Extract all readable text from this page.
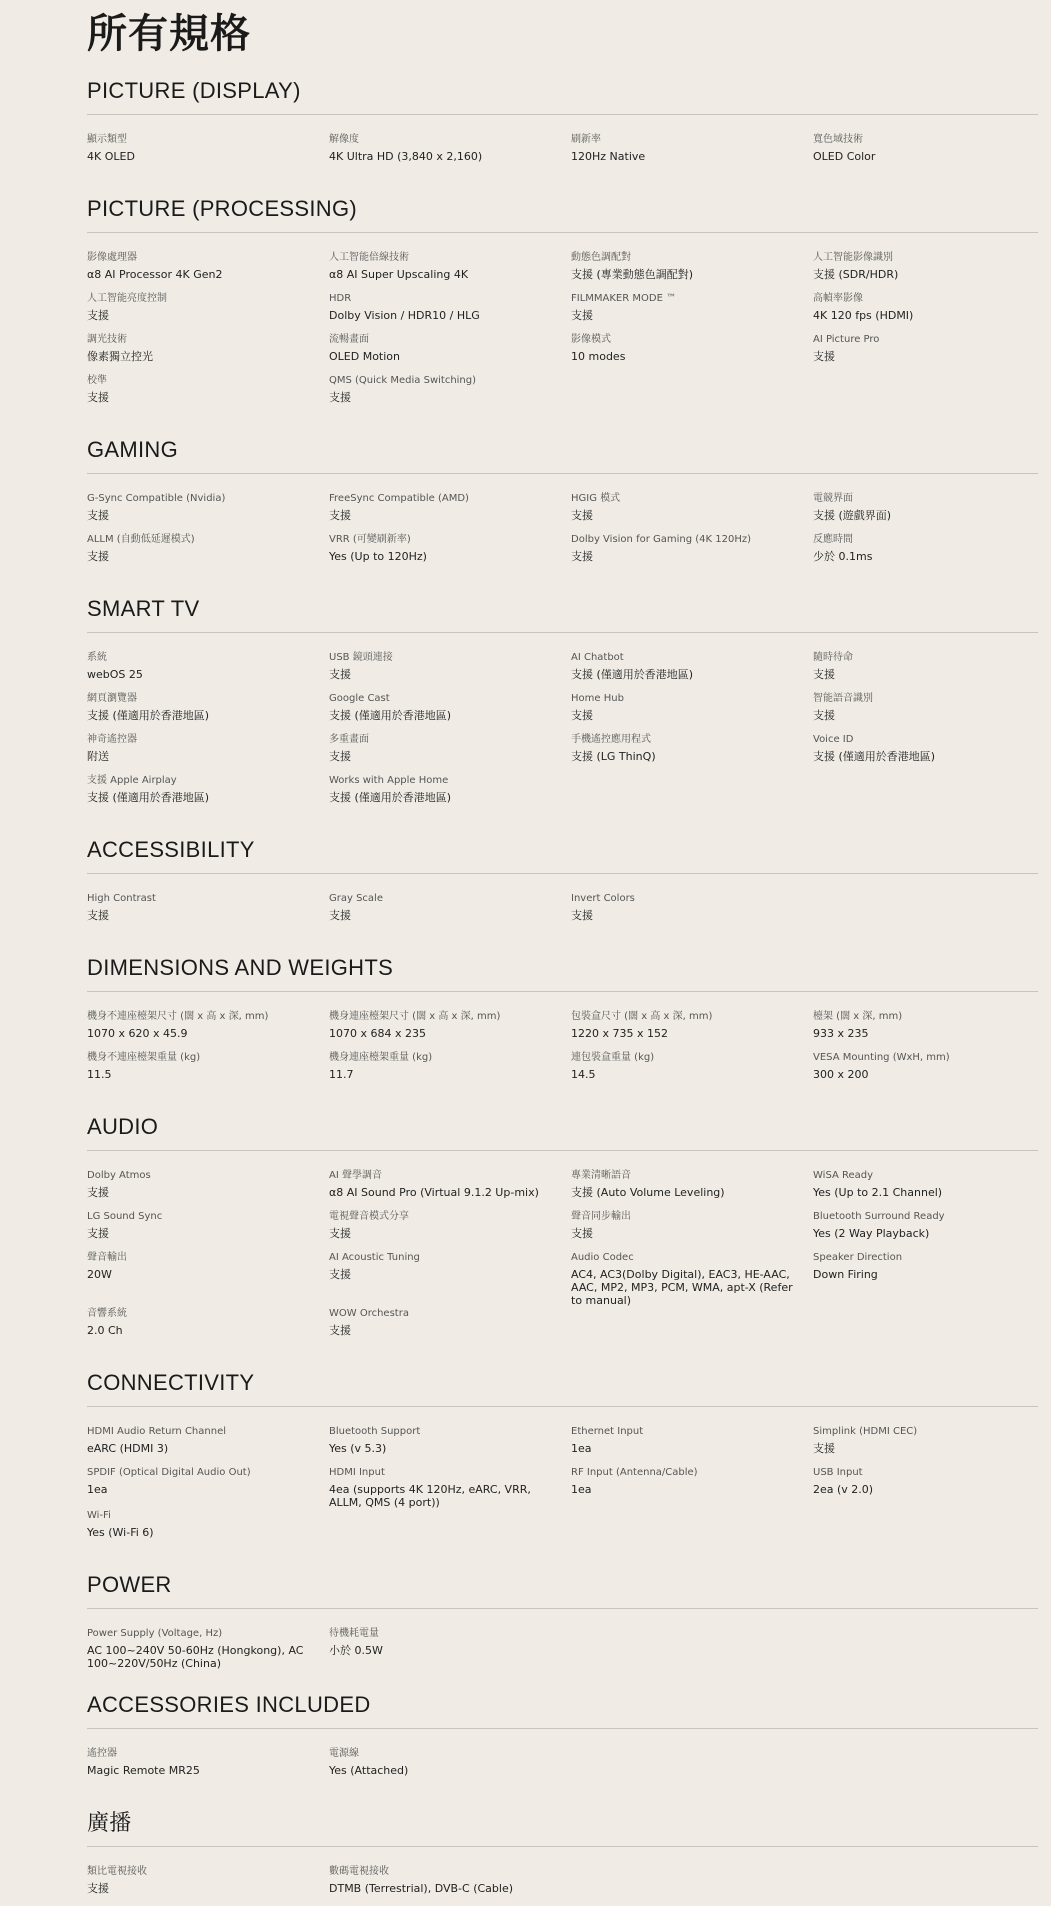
所有規格
PICTURE (DISPLAY)
顯示類型
4K OLED
解像度
4K Ultra HD (3,840 x 2,160)
刷新率
120Hz Native
寬色域技術
OLED Color
PICTURE (PROCESSING)
影像處理器
α8 AI Processor 4K Gen2
人工智能倍線技術
α8 AI Super Upscaling 4K
動態色調配對
支援 (專業動態色調配對)
人工智能影像識別
支援 (SDR/HDR)
人工智能亮度控制
支援
HDR
Dolby Vision / HDR10 / HLG
FILMMAKER MODE ™
支援
高幀率影像
4K 120 fps (HDMI)
調光技術
像素獨立控光
流暢畫面
OLED Motion
影像模式
10 modes
AI Picture Pro
支援
校準
支援
QMS (Quick Media Switching)
支援
GAMING
G-Sync Compatible (Nvidia)
支援
FreeSync Compatible (AMD)
支援
HGIG 模式
支援
電競界面
支援 (遊戲界面)
ALLM (自動低延遲模式)
支援
VRR (可變刷新率)
Yes (Up to 120Hz)
Dolby Vision for Gaming (4K 120Hz)
支援
反應時間
少於 0.1ms
SMART TV
系統
webOS 25
USB 鏡頭連接
支援
AI Chatbot
支援 (僅適用於香港地區)
隨時待命
支援
網頁瀏覽器
支援 (僅適用於香港地區)
Google Cast
支援 (僅適用於香港地區)
Home Hub
支援
智能語音識別
支援
神奇遙控器
附送
多重畫面
支援
手機遙控應用程式
支援 (LG ThinQ)
Voice ID
支援 (僅適用於香港地區)
支援 Apple Airplay
支援 (僅適用於香港地區)
Works with Apple Home
支援 (僅適用於香港地區)
ACCESSIBILITY
High Contrast
支援
Gray Scale
支援
Invert Colors
支援
DIMENSIONS AND WEIGHTS
機身不連座檯架尺寸 (闊 x 高 x 深, mm)
1070 x 620 x 45.9
機身連座檯架尺寸 (闊 x 高 x 深, mm)
1070 x 684 x 235
包裝盒尺寸 (闊 x 高 x 深, mm)
1220 x 735 x 152
檯架 (闊 x 深, mm)
933 x 235
機身不連座檯架重量 (kg)
11.5
機身連座檯架重量 (kg)
11.7
連包裝盒重量 (kg)
14.5
VESA Mounting (WxH, mm)
300 x 200
AUDIO
Dolby Atmos
支援
AI 聲學調音
α8 AI Sound Pro (Virtual 9.1.2 Up-mix)
專業清晰語音
支援 (Auto Volume Leveling)
WiSA Ready
Yes (Up to 2.1 Channel)
LG Sound Sync
支援
電視聲音模式分享
支援
聲音同步輸出
支援
Bluetooth Surround Ready
Yes (2 Way Playback)
聲音輸出
20W
AI Acoustic Tuning
支援
Audio Codec
AC4, AC3(Dolby Digital), EAC3, HE-AAC, AAC, MP2, MP3, PCM, WMA, apt-X (Refer to manual)
Speaker Direction
Down Firing
音響系統
2.0 Ch
WOW Orchestra
支援
CONNECTIVITY
HDMI Audio Return Channel
eARC (HDMI 3)
Bluetooth Support
Yes (v 5.3)
Ethernet Input
1ea
Simplink (HDMI CEC)
支援
SPDIF (Optical Digital Audio Out)
1ea
HDMI Input
4ea (supports 4K 120Hz, eARC, VRR, ALLM, QMS (4 port))
RF Input (Antenna/Cable)
1ea
USB Input
2ea (v 2.0)
Wi-Fi
Yes (Wi-Fi 6)
POWER
Power Supply (Voltage, Hz)
AC 100~240V 50-60Hz (Hongkong), AC 100~220V/50Hz (China)
待機耗電量
小於 0.5W
ACCESSORIES INCLUDED
遙控器
Magic Remote MR25
電源線
Yes (Attached)
廣播
類比電視接收
支援
數碼電視接收
DTMB (Terrestrial), DVB-C (Cable)
